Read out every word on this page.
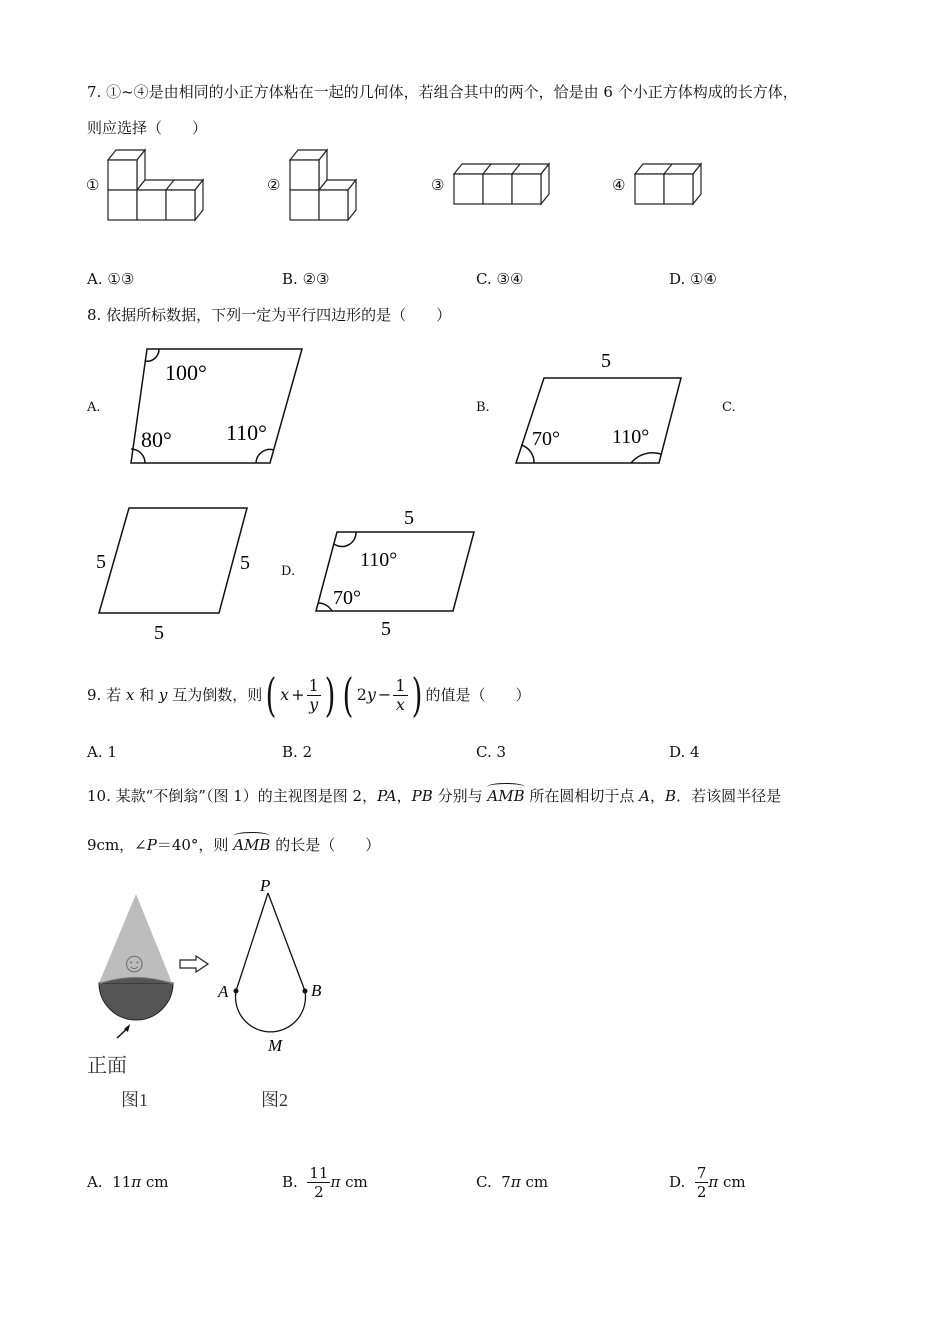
7. ①~④是由相同的小正方体粘在一起的几何体，若组合其中的两个，恰是由 6 个小正方体构成的长方体，
则应选择（　　）
①	②	③	④
A. ①③	B. ②③	C. ③④	D. ①④
8. 依据所标数据，下列一定为平行四边形的是（　　）
A.
100°
80° 110°
B.
5
70°	110°
C.
5	5
5
D.
5
110°
70°
5
9. 若
x
和
y
互为倒数，则 ( $x + \frac{1}{y}$ ) ( 2 $y - \frac{1}{x}$ ) 的值是（　　）
A. 1	B. 2	C. 3	D. 4
10. 某款“不倒翁”（图 1）的主视图是图 2，PA，PB 分别与 AMB 所在圆相切于点 A，B．若该圆半径是
9cm，∠P＝40°，则 AMB 的长是（　　）
☺
正面
图1
P
A	B
M
图2
A.
11 π
cm	B.
$\frac{11}{2}$ π
cm	C.
7 π
cm	D.
$\frac{7}{2}$ π
cm
